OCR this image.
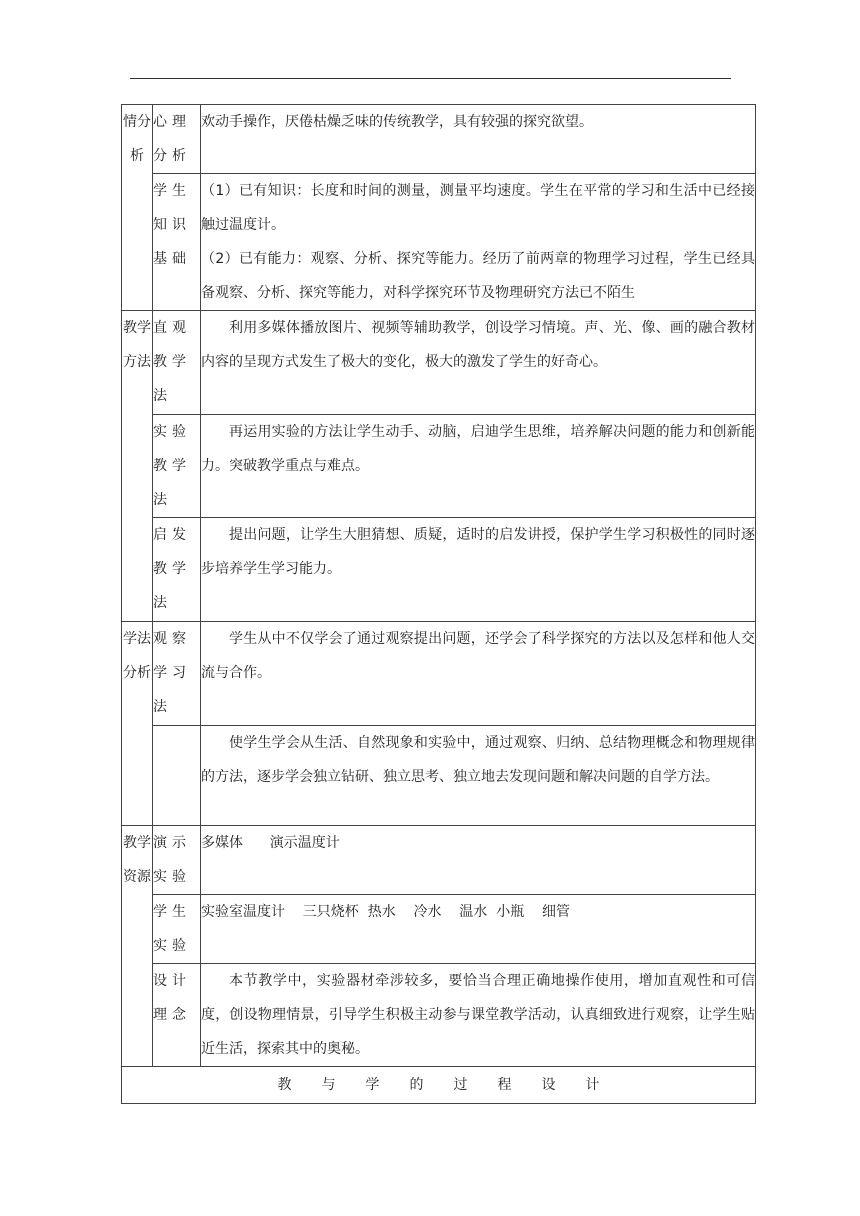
情分析	心理分析	欢动手操作，厌倦枯燥乏味的传统教学，具有较强的探究欲望。

	学生知识基础	（1）已有知识：长度和时间的测量，测量平均速度。学生在平常的学习和生活中已经接触过温度计。

（2）已有能力：观察、分析、探究等能力。经历了前两章的物理学习过程，学生已经具备观察、分析、探究等能力，对科学探究环节及物理研究方法已不陌生

教学方法	直观教学法	利用多媒体播放图片、视频等辅助教学，创设学习情境。声、光、像、画的融合教材内容的呈现方式发生了极大的变化，极大的激发了学生的好奇心。

	实验教学法	再运用实验的方法让学生动手、动脑，启迪学生思维，培养解决问题的能力和创新能力。突破教学重点与难点。

	启发教学法	提出问题，让学生大胆猜想、质疑，适时的启发讲授，保护学生学习积极性的同时逐步培养学生学习能力。

学法分析	观察学习法	学生从中不仅学会了通过观察提出问题，还学会了科学探究的方法以及怎样和他人交流与合作。

		使学生学会从生活、自然现象和实验中，通过观察、归纳、总结物理概念和物理规律的方法，逐步学会独立钻研、独立思考、独立地去发现问题和解决问题的自学方法。

教学资源	演示实验	多媒体      演示温度计

	学生实验	实验室温度计    三只烧杯  热水    冷水    温水  小瓶    细管

	设计理念	本节教学中，实验器材牵涉较多，要恰当合理正确地操作使用，增加直观性和可信度，创设物理情景，引导学生积极主动参与课堂教学活动，认真细致进行观察，让学生贴近生活，探索其中的奥秘。

教 与 学 的 过 程 设 计		
